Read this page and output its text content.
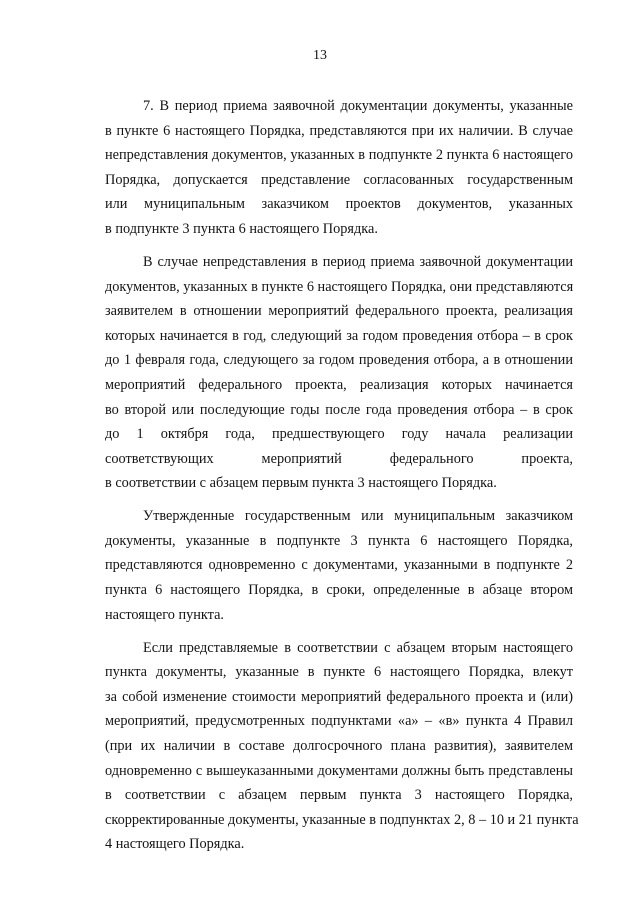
13

7. В период приема заявочной документации документы, указанные
в пункте 6 настоящего Порядка, представляются при их наличии. В случае
непредставления документов, указанных в подпункте 2 пункта 6 настоящего
Порядка, допускается представление согласованных государственным
или муниципальным заказчиком проектов документов, указанных
в подпункте 3 пункта 6 настоящего Порядка.

В случае непредставления в период приема заявочной документации
документов, указанных в пункте 6 настоящего Порядка, они представляются
заявителем в отношении мероприятий федерального проекта, реализация
которых начинается в год, следующий за годом проведения отбора – в срок
до 1 февраля года, следующего за годом проведения отбора, а в отношении
мероприятий федерального проекта, реализация которых начинается
во второй или последующие годы после года проведения отбора – в срок
до 1 октября года, предшествующего году начала реализации
соответствующих мероприятий федерального проекта,
в соответствии с абзацем первым пункта 3 настоящего Порядка.

Утвержденные государственным или муниципальным заказчиком
документы, указанные в подпункте 3 пункта 6 настоящего Порядка,
представляются одновременно с документами, указанными в подпункте 2
пункта 6 настоящего Порядка, в сроки, определенные в абзаце втором
настоящего пункта.

Если представляемые в соответствии с абзацем вторым настоящего
пункта документы, указанные в пункте 6 настоящего Порядка, влекут
за собой изменение стоимости мероприятий федерального проекта и (или)
мероприятий, предусмотренных подпунктами «а» – «в» пункта 4 Правил
(при их наличии в составе долгосрочного плана развития), заявителем
одновременно с вышеуказанными документами должны быть представлены
в соответствии с абзацем первым пункта 3 настоящего Порядка,
скорректированные документы, указанные в подпунктах 2, 8 – 10 и 21 пункта
4 настоящего Порядка.
